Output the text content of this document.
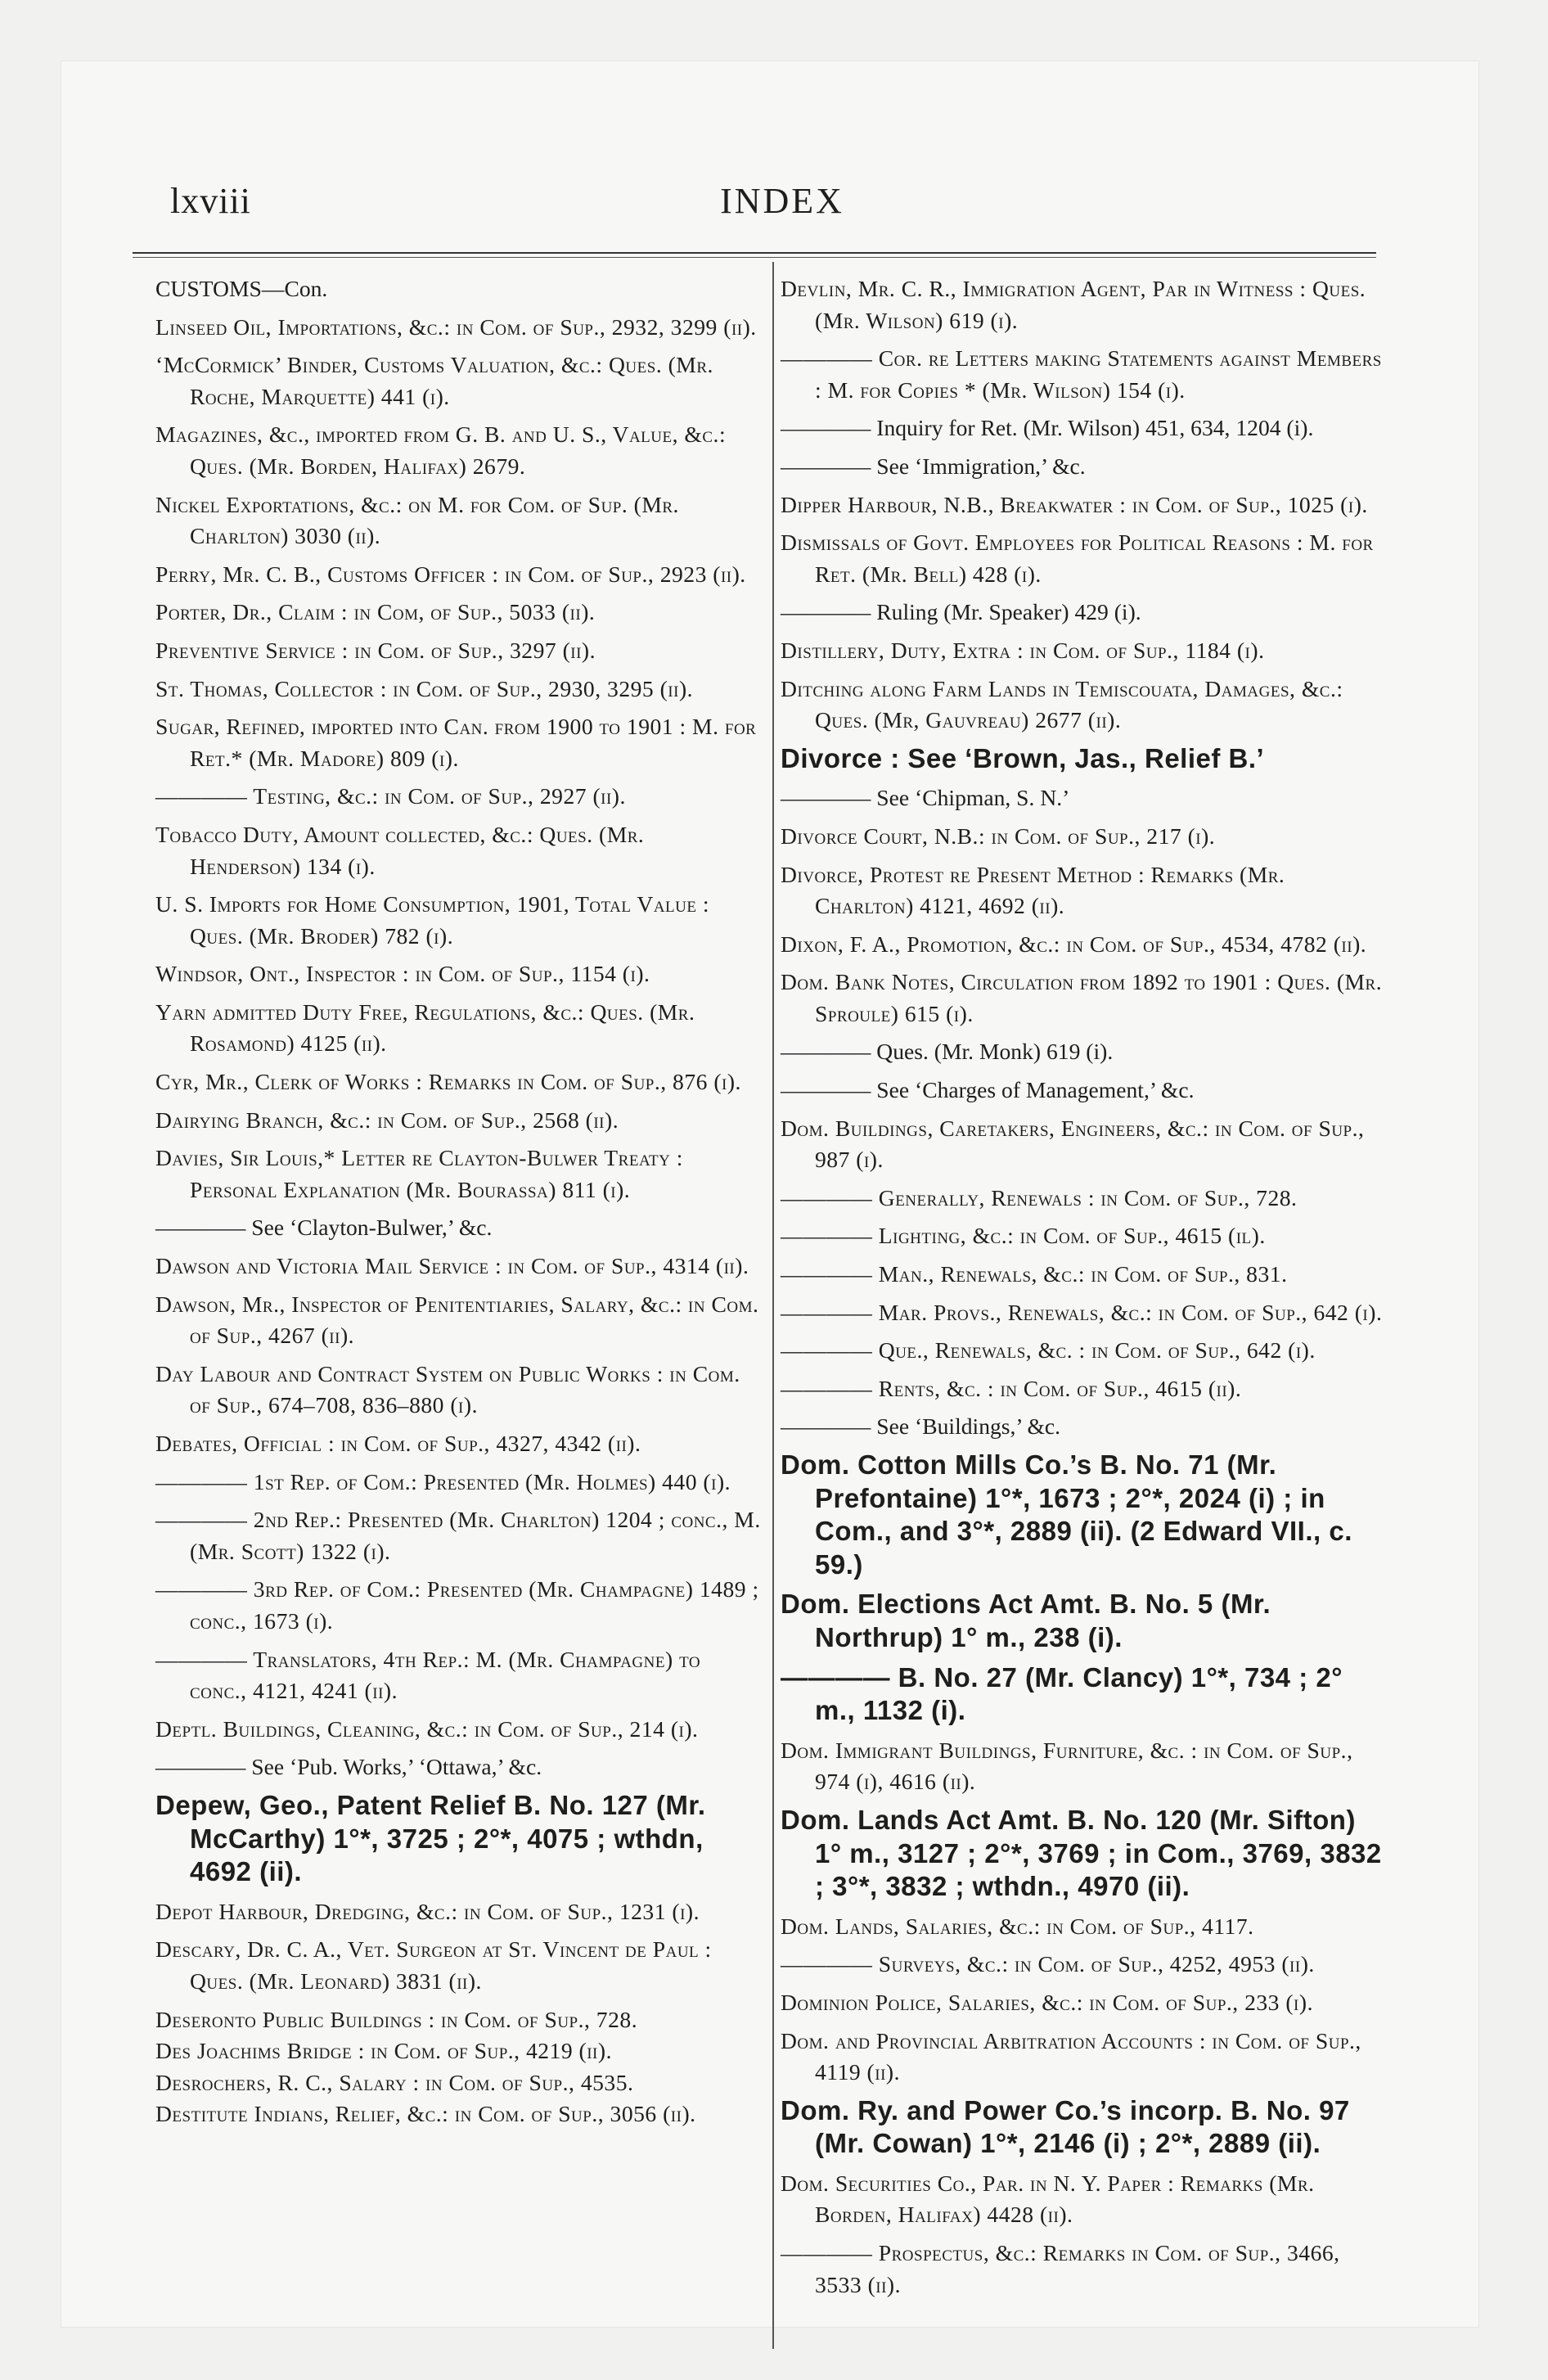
lxviii	INDEX
CUSTOMS—Con.
Linseed Oil, Importations, &c.: in Com. of Sup., 2932, 3299 (ii).
‘McCormick’ Binder, Customs Valuation, &c.: Ques. (Mr. Roche, Marquette) 441 (i).
Magazines, &c., imported from G. B. and U. S., Value, &c.: Ques. (Mr. Borden, Halifax) 2679.
Nickel Exportations, &c.: on M. for Com. of Sup. (Mr. Charlton) 3030 (ii).
Perry, Mr. C. B., Customs Officer : in Com. of Sup., 2923 (ii).
Porter, Dr., Claim : in Com, of Sup., 5033 (ii).
Preventive Service : in Com. of Sup., 3297 (ii).
St. Thomas, Collector : in Com. of Sup., 2930, 3295 (ii).
Sugar, Refined, imported into Can. from 1900 to 1901 : M. for Ret.* (Mr. Madore) 809 (i).
———— Testing, &c.: in Com. of Sup., 2927 (ii).
Tobacco Duty, Amount collected, &c.: Ques. (Mr. Henderson) 134 (i).
U. S. Imports for Home Consumption, 1901, Total Value : Ques. (Mr. Broder) 782 (i).
Windsor, Ont., Inspector : in Com. of Sup., 1154 (i).
Yarn admitted Duty Free, Regulations, &c.: Ques. (Mr. Rosamond) 4125 (ii).
Cyr, Mr., Clerk of Works : Remarks in Com. of Sup., 876 (i).
Dairying Branch, &c.: in Com. of Sup., 2568 (ii).
Davies, Sir Louis,* Letter re Clayton-Bulwer Treaty : Personal Explanation (Mr. Bourassa) 811 (i).
———— See ‘Clayton-Bulwer,’ &c.
Dawson and Victoria Mail Service : in Com. of Sup., 4314 (ii).
Dawson, Mr., Inspector of Penitentiaries, Salary, &c.: in Com. of Sup., 4267 (ii).
Day Labour and Contract System on Public Works : in Com. of Sup., 674–708, 836–880 (i).
Debates, Official : in Com. of Sup., 4327, 4342 (ii).
———— 1st Rep. of Com.: Presented (Mr. Holmes) 440 (i).
———— 2nd Rep.: Presented (Mr. Charlton) 1204 ; conc., M. (Mr. Scott) 1322 (i).
———— 3rd Rep. of Com.: Presented (Mr. Champagne) 1489 ; conc., 1673 (i).
———— Translators, 4th Rep.: M. (Mr. Champagne) to conc., 4121, 4241 (ii).
Deptl. Buildings, Cleaning, &c.: in Com. of Sup., 214 (i).
———— See ‘Pub. Works,’ ‘Ottawa,’ &c.
Depew, Geo., Patent Relief B. No. 127 (Mr. McCarthy) 1°*, 3725 ; 2°*, 4075 ; wthdn, 4692 (ii).
Depot Harbour, Dredging, &c.: in Com. of Sup., 1231 (i).
Descary, Dr. C. A., Vet. Surgeon at St. Vincent de Paul : Ques. (Mr. Leonard) 3831 (ii).
Deseronto Public Buildings : in Com. of Sup., 728.
Des Joachims Bridge : in Com. of Sup., 4219 (ii).
Desrochers, R. C., Salary : in Com. of Sup., 4535.
Destitute Indians, Relief, &c.: in Com. of Sup., 3056 (ii).
Devlin, Mr. C. R., Immigration Agent, Par in Witness : Ques. (Mr. Wilson) 619 (i).
———— Cor. re Letters making Statements against Members : M. for Copies * (Mr. Wilson) 154 (i).
———— Inquiry for Ret. (Mr. Wilson) 451, 634, 1204 (i).
———— See ‘Immigration,’ &c.
Dipper Harbour, N.B., Breakwater : in Com. of Sup., 1025 (i).
Dismissals of Govt. Employees for Political Reasons : M. for Ret. (Mr. Bell) 428 (i).
———— Ruling (Mr. Speaker) 429 (i).
Distillery, Duty, Extra : in Com. of Sup., 1184 (i).
Ditching along Farm Lands in Temiscouata, Damages, &c.: Ques. (Mr, Gauvreau) 2677 (ii).
Divorce : See ‘Brown, Jas., Relief B.’
———— See ‘Chipman, S. N.’
Divorce Court, N.B.: in Com. of Sup., 217 (i).
Divorce, Protest re Present Method : Remarks (Mr. Charlton) 4121, 4692 (ii).
Dixon, F. A., Promotion, &c.: in Com. of Sup., 4534, 4782 (ii).
Dom. Bank Notes, Circulation from 1892 to 1901 : Ques. (Mr. Sproule) 615 (i).
———— Ques. (Mr. Monk) 619 (i).
———— See ‘Charges of Management,’ &c.
Dom. Buildings, Caretakers, Engineers, &c.: in Com. of Sup., 987 (i).
———— Generally, Renewals : in Com. of Sup., 728.
———— Lighting, &c.: in Com. of Sup., 4615 (il).
———— Man., Renewals, &c.: in Com. of Sup., 831.
———— Mar. Provs., Renewals, &c.: in Com. of Sup., 642 (i).
———— Que., Renewals, &c. : in Com. of Sup., 642 (i).
———— Rents, &c. : in Com. of Sup., 4615 (ii).
———— See ‘Buildings,’ &c.
Dom. Cotton Mills Co.’s B. No. 71 (Mr. Prefontaine) 1°*, 1673 ; 2°*, 2024 (i) ; in Com., and 3°*, 2889 (ii). (2 Edward VII., c. 59.)
Dom. Elections Act Amt. B. No. 5 (Mr. Northrup) 1° m., 238 (i).
———— B. No. 27 (Mr. Clancy) 1°*, 734 ; 2° m., 1132 (i).
Dom. Immigrant Buildings, Furniture, &c. : in Com. of Sup., 974 (i), 4616 (ii).
Dom. Lands Act Amt. B. No. 120 (Mr. Sifton) 1° m., 3127 ; 2°*, 3769 ; in Com., 3769, 3832 ; 3°*, 3832 ; wthdn., 4970 (ii).
Dom. Lands, Salaries, &c.: in Com. of Sup., 4117.
———— Surveys, &c.: in Com. of Sup., 4252, 4953 (ii).
Dominion Police, Salaries, &c.: in Com. of Sup., 233 (i).
Dom. and Provincial Arbitration Accounts : in Com. of Sup., 4119 (ii).
Dom. Ry. and Power Co.’s incorp. B. No. 97 (Mr. Cowan) 1°*, 2146 (i) ; 2°*, 2889 (ii).
Dom. Securities Co., Par. in N. Y. Paper : Remarks (Mr. Borden, Halifax) 4428 (ii).
———— Prospectus, &c.: Remarks in Com. of Sup., 3466, 3533 (ii).
